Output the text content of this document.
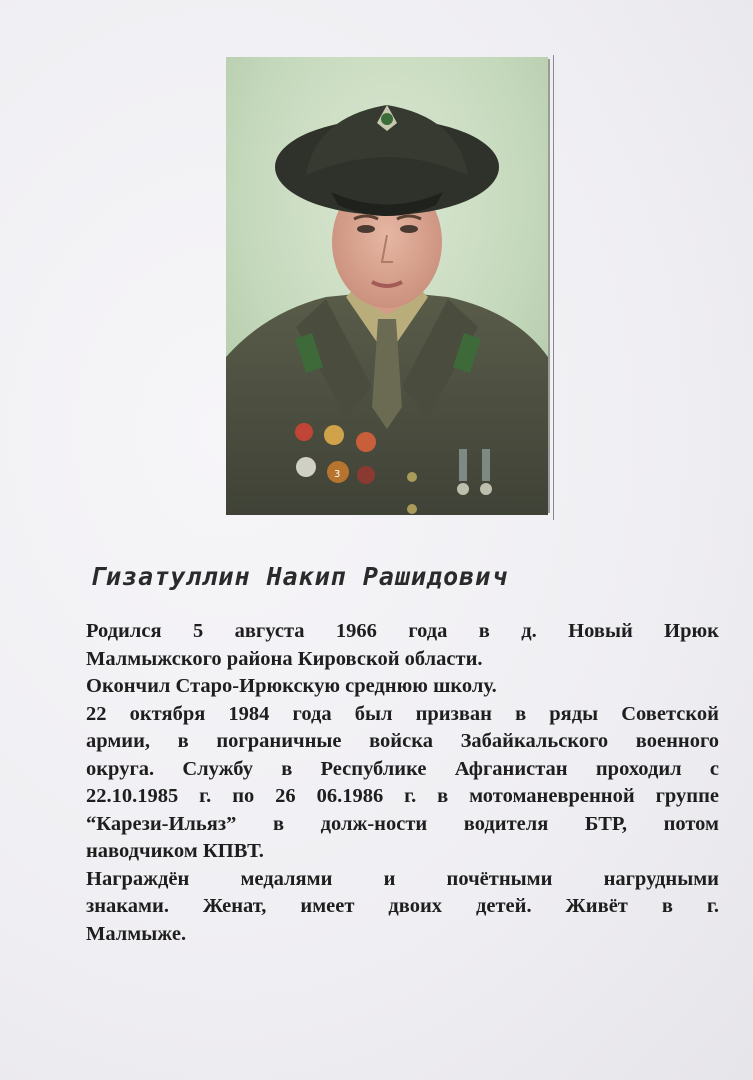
3
Гизатуллин Накип Рашидович

Родился 5 августа 1966 года в д. Новый Ирюк

Малмыжского района Кировской области.

Окончил Старо-Ирюкскую среднюю школу.

22 октября 1984 года был призван в ряды Советской

армии, в пограничные войска Забайкальского военного

округа. Службу в Республике Афганистан проходил с

22.10.1985 г. по 26 06.1986 г. в мотоманевренной группе

“Карези-Ильяз” в долж-ности водителя БТР, потом

наводчиком КПВТ.

Награждён медалями и почётными нагрудными

знаками. Женат, имеет двоих детей. Живёт в г.

Малмыже.
